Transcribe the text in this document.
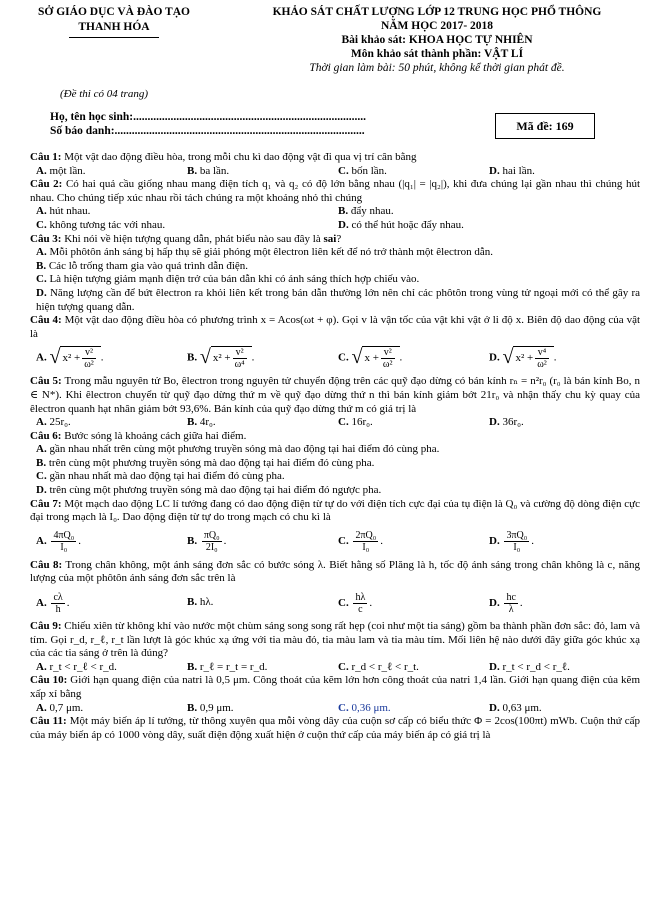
SỞ GIÁO DỤC VÀ ĐÀO TẠO
THANH HÓA
KHẢO SÁT CHẤT LƯỢNG LỚP 12 TRUNG HỌC PHỔ THÔNG
NĂM HỌC 2017- 2018
Bài khảo sát: KHOA HỌC TỰ NHIÊN
Môn khảo sát thành phần: VẬT LÍ
Thời gian làm bài: 50 phút, không kể thời gian phát đề.
(Đề thi có 04 trang)
Họ, tên học sinh:.................................................................................
Số báo danh:.......................................................................................	Mã đề: 169

Câu 1: Một vật dao động điều hòa, trong mỗi chu kì dao động vật đi qua vị trí cân bằng

A. một lần.	B. ba lần.	C. bốn lần.	D. hai lần.

Câu 2: Có hai quả cầu giống nhau mang điện tích q₁ và q₂ có độ lớn bằng nhau (|q₁| = |q₂|), khi đưa chúng lại gần nhau thì chúng hút nhau. Cho chúng tiếp xúc nhau rồi tách chúng ra một khoảng nhỏ thì chúng

A. hút nhau.	B. đẩy nhau.
C. không tương tác với nhau.	D. có thể hút hoặc đẩy nhau.

Câu 3: Khi nói về hiện tượng quang dẫn, phát biểu nào sau đây là sai?

A. Mỗi phôtôn ánh sáng bị hấp thụ sẽ giải phóng một êlectron liên kết để nó trở thành một êlectron dẫn.

B. Các lỗ trống tham gia vào quá trình dẫn điện.

C. Là hiện tượng giảm mạnh điện trở của bán dẫn khi có ánh sáng thích hợp chiếu vào.

D. Năng lượng cần để bứt êlectron ra khỏi liên kết trong bán dẫn thường lớn nên chỉ các phôtôn trong vùng tử ngoại mới có thể gây ra hiện tượng quang dẫn.

Câu 4: Một vật dao động điều hòa có phương trình x = Acos(ωt + φ). Gọi v là vận tốc của vật khi vật ở li độ x. Biên độ dao động của vật là

A. √ $x^2 + \frac{\text{v²}}{\text{ω²}}$ .	B. √ $x^2 + \frac{\text{v²}}{\text{ω⁴}}$ .	C. √ $x + \frac{\text{v²}}{\text{ω²}}$ .	D. √ $x^2 + \frac{\text{v⁴}}{\text{ω²}}$ .

Câu 5: Trong mẫu nguyên tử Bo, êlectron trong nguyên tử chuyển động trên các quỹ đạo dừng có bán kính rₙ = n²r₀ (r₀ là bán kính Bo, n ∈ N*). Khi êlectron chuyển từ quỹ đạo dừng thứ m về quỹ đạo dừng thứ n thì bán kính giảm bớt 21r₀ và nhận thấy chu kỳ quay của êlectron quanh hạt nhân giảm bớt 93,6%. Bán kính của quỹ đạo dừng thứ m có giá trị là

A. 25r₀.	B. 4r₀.	C. 16r₀.	D. 36r₀.

Câu 6: Bước sóng là khoảng cách giữa hai điểm.

A. gần nhau nhất trên cùng một phương truyền sóng mà dao động tại hai điểm đó cùng pha.

B. trên cùng một phương truyền sóng mà dao động tại hai điểm đó cùng pha.

C. gần nhau nhất mà dao động tại hai điểm đó cùng pha.

D. trên cùng một phương truyền sóng mà dao động tại hai điểm đó ngược pha.

Câu 7: Một mạch dao động LC lí tưởng đang có dao động điện từ tự do với điện tích cực đại của tụ điện là Q₀ và cường độ dòng điện cực đại trong mạch là I₀. Dao động điện từ tự do trong mạch có chu kì là

A. $\frac{\text{4πQ₀}}{\text{I₀}}$ .	B. $\frac{\text{πQ₀}}{\text{2I₀}}$ .	C. $\frac{\text{2πQ₀}}{\text{I₀}}$ .	D. $\frac{\text{3πQ₀}}{\text{I₀}}$ .

Câu 8: Trong chân không, một ánh sáng đơn sắc có bước sóng λ. Biết hằng số Plăng là h, tốc độ ánh sáng trong chân không là c, năng lượng của một phôtôn ánh sáng đơn sắc trên là

A. $\frac{c\lambda}{h}$ .	B. hλ.	C. $\frac{h\lambda}{c}$ .	D. $\frac{hc}{\lambda}$ .

Câu 9: Chiếu xiên từ không khí vào nước một chùm sáng song song rất hẹp (coi như một tia sáng) gồm ba thành phần đơn sắc: đỏ, lam và tím. Gọi r_d, r_ℓ, r_t lần lượt là góc khúc xạ ứng với tia màu đỏ, tia màu lam và tia màu tím. Mối liên hệ nào dưới đây giữa góc khúc xạ của các tia sáng ở trên là đúng?

A. r_t < r_ℓ < r_d.	B. r_ℓ = r_t = r_d.	C. r_d < r_ℓ < r_t.	D. r_t < r_d < r_ℓ.

Câu 10: Giới hạn quang điện của natri là 0,5 μm. Công thoát của kẽm lớn hơn công thoát của natri 1,4 lần. Giới hạn quang điện của kẽm xấp xỉ bằng

A. 0,7 μm.	B. 0,9 μm.	C. 0,36 μm.	D. 0,63 μm.

Câu 11: Một máy biến áp lí tưởng, từ thông xuyên qua mỗi vòng dây của cuộn sơ cấp có biểu thức Φ = 2cos(100πt) mWb. Cuộn thứ cấp của máy biến áp có 1000 vòng dây, suất điện động xuất hiện ở cuộn thứ cấp của máy biến áp có giá trị là
